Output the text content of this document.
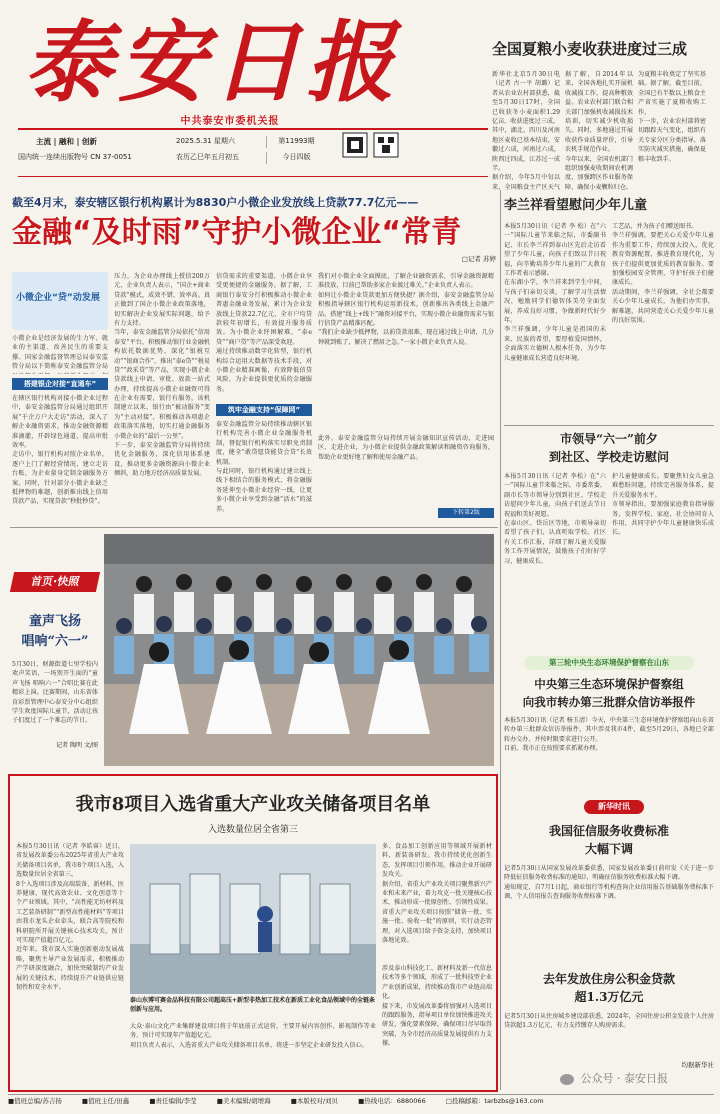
泰安日报
中共泰安市委机关报
主流 | 融和 | 创新
国内统一连续出版物号 CN 37-0051
2025.5.31 星期六
农历乙巳年五月初五
第11993期
今日四版
全国夏粮小麦收获进度过三成
新华社北京5月30日电（记者 古一平 胡璐）记者从农业农村部获悉，截至5月30日17时，全国已收获冬小麦面积1.29亿亩，收获进度过三成。
其中，湖北、四川及河南地区麦收已基本结束，安徽过六成，河南过六成，陕西过四成，江苏过一成半。
据介绍，今年5月中旬以来，全国粮食主产区天气
据了解，自2014年以来，全国各地扎实开展机收减损工作，提高种粮效益。农业农村部门联合相关部门加强机收减损技术培训，切实减少机收损失。同时，多地通过开展收获作业质量评价，引导农机手规范作业。
今年以来，全国农机部门组织加强麦收期间农机调度，加强跨区作业服务保障，确保小麦颗粒归仓。
为夏粮丰收奠定了坚实基础。据了解，截至目前，全国已有半数以上粮食主产省实施了夏粮收购工作，
下一步，农业农村部将密切跟踪天气变化，组织有关专家分区分类指导，落实防灾减灾措施，确保夏粮丰收到手。
截至4月末，泰安辖区银行机构累计为8830户小微企业发放线上贷款77.7亿元——
金融“及时雨”守护小微企业“常青
□记者 苏婷
小微企业“贷”动发展
小微企业是经济发展的生力军、就业的主渠道、改善民生的重要支撑。国家金融监督管理总局泰安监管分局以下简称泰安金融监管分局
搭建银企对接“直通车”
在辖区银行机构对接小微企业过程中，泰安金融监管分局通过组织开展“千企万户大走访”活动，深入了解企业融资需求，推动金融资源精准滴灌，开辟绿色通道，提高审批效率。
走访中，银行机构对照企业名单，逐户上门了解经营情况，建立走访台账，为企业量身定制金融服务方案。同时，针对部分小微企业缺乏抵押物的难题，创新推出线上信用贷款产品，实现贷款“秒批秒贷”。
压力，为企业办理线上授信200万元，企业负责人表示，“国企+商业贷款”模式，成效不错，效率高。真正做到了国企小微企业政策落地，切实解决企业发展实际问题，给予有力支持。
当年，泰安金融监管分局依托“信用泰安”平台，积极推动银行业金融机构依托数据优势，深化“银税互动”“银商合作”，推出“泰e贷”“税易贷”“政采贷”等产品，实现小微企业贷款线上申请、审批、放款一站式办理，持续提高小微企业融资可得
在企业有需要，银行有服务，该机制建立以来，银行由“被动服务”变为“主动对接”，积极推动各项惠企政策落实落地，切实打通金融服务小微企业的“最后一公里”。
下一步，泰安金融监管分局将持续优化金融服务，深化信用体系建设，推动更多金融资源向小微企业倾斜，助力地方经济高质量发展。
信贷需求的重要渠道，小微企业享受更便捷的金融服务。据了解，工商银行泰安分行积极推动小微企业普惠金融业务发展，累计为企业发放线上贷款22.7亿元，全市户均贷款较年初增长，有效提升服务质效。为小微企业纾困解难，“泰e贷”“商户贷”等产品深受欢迎。
通过持续推动数字化转型，银行机构综合运用大数据等技术手段，对小微企业精准画像，有效降低信贷风险，为企业提供更优质的金融服务。
筑牢金融支持“保障网”
泰安金融监管分局持续推动辖区银行机构完善小微企业金融服务机制，督促银行机构落实尽职免责制度，健全“敢贷愿贷能贷会贷”长效机制。
与此同时，银行机构通过建立线上线下相结合的服务模式，将金融服务延伸至小微企业经营一线，让更多小微企业享受到金融“活水”的滋养。
我们对小微企业全面摸底，了解企业融资需求，引导金融资源精准投放，目前已帮助多家企业渡过难关。”企业负责人表示。
如何让小微企业贷款更加方便快捷？据介绍，泰安金融监管分局积极指导辖区银行机构运用新技术，创新推出各类线上金融产品，搭建“线上+线下”融资对接平台，实现小微企业融资需求与银行信贷产品精准匹配。
“我们企业缺少抵押物，以前贷款很难，现在通过线上申请，几分钟就到账了，解决了燃眉之急。”一家小微企业负责人说。
此外，泰安金融监管分局持续开展金融知识宣传活动，走进园区、走进企业，为小微企业提供金融政策解读和融资咨询服务，帮助企业更好地了解和使用金融产品。
下转第2版
首页·快照
童声飞扬
唱响“六一”
5月30日，财源街道七里学校内欢声笑语，一场别开生面的“童声飞扬 唱响六一”合唱比赛在此精彩上演。比赛期间，山东省体育彩票管理中心泰安分中心组织学生欢度国际儿童节，活动让孩子们度过了一个难忘的节日。
记者 陶明 文/图
李兰祥看望慰问少年儿童
本报5月30日讯（记者 李 松）在“六一”国际儿童节来临之际，市委副书记、市长李兰祥到泰山区先后走访看望了少年儿童，向孩子们致以节日祝福，向辛勤培养少年儿童的广大教育工作者表示感谢。
在东湖小学，李兰祥来到学生中间，与孩子们亲切交谈，了解学习生活情况，勉励同学们德智体美劳全面发展，养成良好习惯，争做新时代好少年。
李兰祥强调，少年儿童是祖国的未来、民族的希望，要厚植爱国情怀，全面落实立德树人根本任务，为少年儿童健康成长营造良好环境。
工艺品，并为孩子们赠送图书。
李兰祥强调，要把关心关爱少年儿童作为重要工作，持续加大投入，优化教育资源配置，推进教育现代化，为孩子们提供更加优质的教育服务。要加强校园安全管理，守护好孩子们健康成长。
活动期间，李兰祥强调，全社会都要关心少年儿童成长，为他们办实事，解难题，共同营造关心关爱少年儿童的良好氛围。
市领导“六一”前夕
到社区、学校走访慰问
本报5月30日讯（记者 李松）在“六一”国际儿童节来临之际，市委常委、副市长等市领导分别到社区、学校走访慰问少年儿童，向孩子们送去节日祝福和美好祝愿。
在泰山区、岱岳区等地，市领导亲切看望了孩子们，认真听取学校、社区有关工作汇报，详细了解儿童关爱服务工作开展情况，鼓励孩子们好好学习，健康成长。
护儿童健康成长。要聚焦妇女儿童急难愁盼问题，持续完善服务体系，提升关爱服务水平。
市领导指出，要加强家庭教育指导服务，发挥学校、家庭、社会协同育人作用，共同守护少年儿童健康快乐成长。
第三轮中央生态环境保护督察在山东
中央第三生态环境保护督察组
向我市转办第三批群众信访举报件
本报5月30日讯（记者 杨玉清）今天，中央第三生态环境保护督察组向山东省转办第三批群众信访举报件，其中涉及我市4件，截至5月29日，各地已全部转办交办，并按时限要求进行公开。
目前，我市正在按照要求抓紧办理。
新华时讯
我国征信服务收费标准
大幅下调
记者5月30日从国家发展改革委获悉，国家发展改革委日前印发《关于进一步降低征信服务收费标准的通知》，明确征信服务收费标准大幅下调。
通知规定，自7月1日起，商业银行等机构查询企业信用报告基础服务费标准下调，个人信用报告查询服务收费标准下调。
去年发放住房公积金贷款
超1.3万亿元
记者5月30日从住房城乡建设部获悉，2024年，全国住房公积金发放个人住房贷款超1.3万亿元，有力支持缴存人购房需求。
均据新华社
我市8项目入选省重大产业攻关储备项目名单
入选数量位居全省第三
本报5月30日讯（记者 李皓睿）近日，省发展改革委公布2025年省重大产业攻关储备项目名单，我市8个项目入选，入选数量位居全省第三。
8个入选项目涉及高端装备、新材料、医养健康、现代高效农业、文化创意等十个产业领域。其中，“高性能无纺材料及工艺装备研制”“新型高性能材料”等项目由我市龙头企业牵头，联合高等院校和科研院所开展关键核心技术攻关，预计可实现产值超百亿元。
近年来，我市深入实施创新驱动发展战略，聚焦主导产业发展需求，积极推动产学研深度融合，加快突破制约产业发展的关键技术，持续提升产业链供应链韧性和安全水平。
泰山东博可赛金品科技有限公司超高压+新型非热加工技术在新质工业化食品领域中的全链条创新与应用。
多、食品加工创新应用等领域开展新材料、新装备研发。我市持续优化创新生态，发挥项目引领作用，推动企业开展研发攻关。
据介绍，省重大产业攻关项目聚焦新兴产业和未来产业，着力攻克一批关键核心技术，推动形成一批原创性、引领性成果。
省重大产业攻关项目按照“储备一批、实施一批、验收一批”的原则，实行动态管理，对入选项目给予资金支持，加快项目落地见效。
涉及泰山科技化工、新材料及新一代信息技术等多个领域，形成了一批科技型企业产业创新成果，持续推动我市产业链高端化。
接下来，市发展改革委将加强对入选项目的跟踪服务，指导项目单位加快推进攻关研发，强化要素保障，确保项目尽早取得突破，为全市经济高质量发展提供有力支撑。
大众·泰山文化产业集群建设项目将于年底前正式运营，主要开展内容创作、影视制作等业务，预计可实现年产值超亿元。
项目负责人表示，入选省重大产业攻关储备项目名单，将进一步坚定企业研发投入信心。
■值班总编/苏吉扬	■值班主任/田鑫	■责任编辑/李莹	■美术编辑/胡增海	■本版校对/刘贝	■热线电话：6880066	□投稿邮箱：tarbzbs@163.com
公众号 · 泰安日报
